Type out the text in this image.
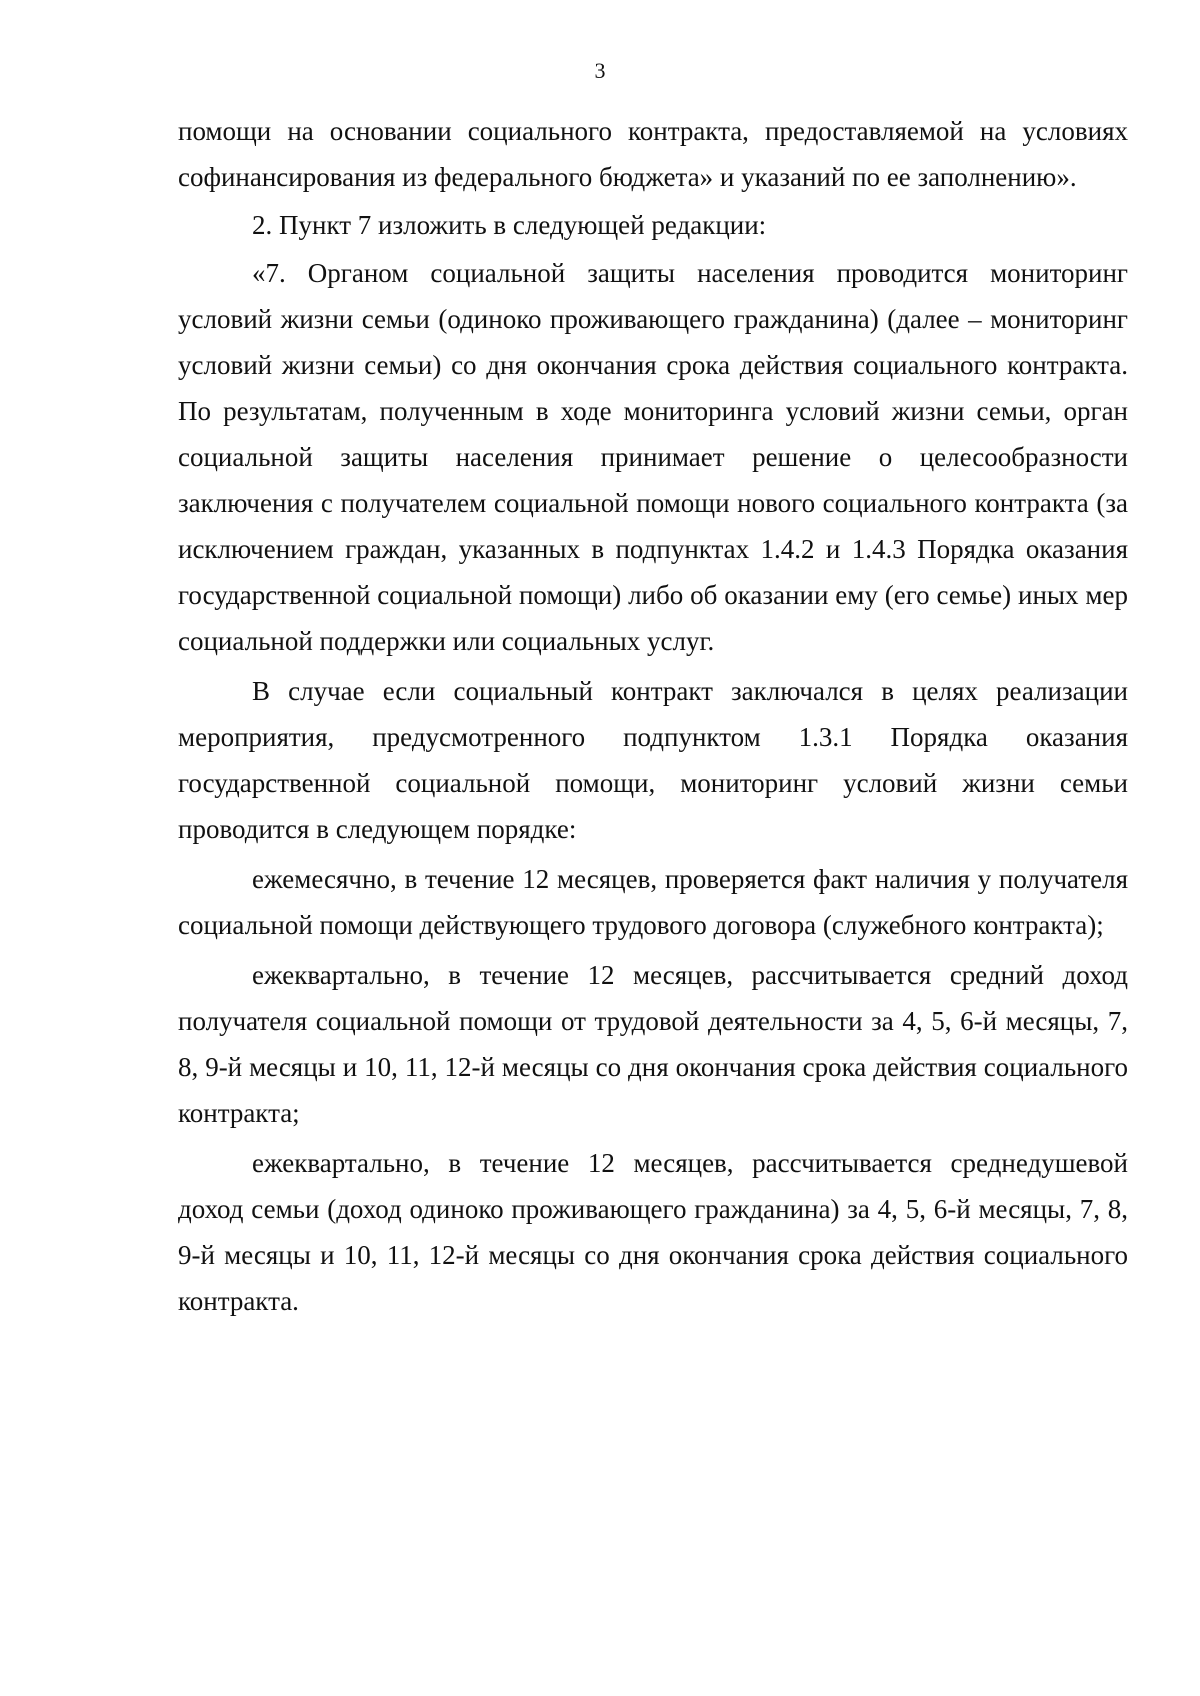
3

помощи на основании социального контракта, предоставляемой на условиях софинансирования из федерального бюджета» и указаний по ее заполнению».

2. Пункт 7 изложить в следующей редакции:

«7. Органом социальной защиты населения проводится мониторинг условий жизни семьи (одиноко проживающего гражданина) (далее – мониторинг условий жизни семьи) со дня окончания срока действия социального контракта. По результатам, полученным в ходе мониторинга условий жизни семьи, орган социальной защиты населения принимает решение о целесообразности заключения с получателем социальной помощи нового социального контракта (за исключением граждан, указанных в подпунктах 1.4.2 и 1.4.3 Порядка оказания государственной социальной помощи) либо об оказании ему (его семье) иных мер социальной поддержки или социальных услуг.

В случае если социальный контракт заключался в целях реализации мероприятия, предусмотренного подпунктом 1.3.1 Порядка оказания государственной социальной помощи, мониторинг условий жизни семьи проводится в следующем порядке:

ежемесячно, в течение 12 месяцев, проверяется факт наличия у получателя социальной помощи действующего трудового договора (служебного контракта);

ежеквартально, в течение 12 месяцев, рассчитывается средний доход получателя социальной помощи от трудовой деятельности за 4, 5, 6-й месяцы, 7, 8, 9-й месяцы и 10, 11, 12-й месяцы со дня окончания срока действия социального контракта;

ежеквартально, в течение 12 месяцев, рассчитывается среднедушевой доход семьи (доход одиноко проживающего гражданина) за 4, 5, 6-й месяцы, 7, 8, 9-й месяцы и 10, 11, 12-й месяцы со дня окончания срока действия социального контракта.
